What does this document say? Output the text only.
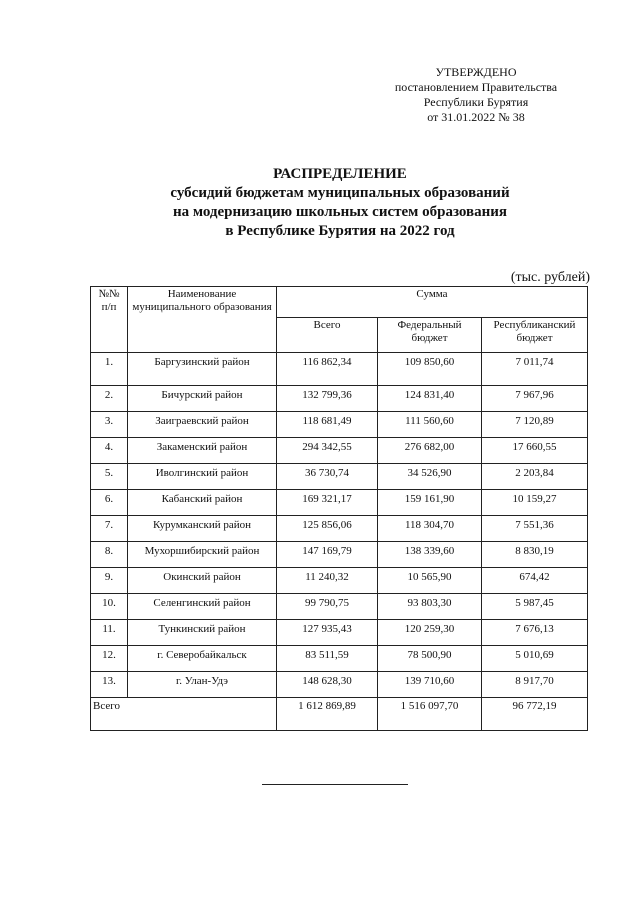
УТВЕРЖДЕНО
постановлением Правительства
Республики Бурятия
от 31.01.2022 № 38
РАСПРЕДЕЛЕНИЕ
субсидий бюджетам муниципальных образований
на модернизацию школьных систем образования
в Республике Бурятия на 2022 год
(тыс. рублей)
№№ п/п	Наименование муниципального образования	Сумма		
		Всего	Федеральный бюджет	Республиканский бюджет
1.	Баргузинский район	116 862,34	109 850,60	7 011,74
2.	Бичурский район	132 799,36	124 831,40	7 967,96
3.	Заиграевский район	118 681,49	111 560,60	7 120,89
4.	Закаменский район	294 342,55	276 682,00	17 660,55
5.	Иволгинский район	36 730,74	34 526,90	2 203,84
6.	Кабанский район	169 321,17	159 161,90	10 159,27
7.	Курумканский район	125 856,06	118 304,70	7 551,36
8.	Мухоршибирский район	147 169,79	138 339,60	8 830,19
9.	Окинский район	11 240,32	10 565,90	674,42
10.	Селенгинский район	99 790,75	93 803,30	5 987,45
11.	Тункинский район	127 935,43	120 259,30	7 676,13
12.	г. Северобайкальск	83 511,59	78 500,90	5 010,69
13.	г. Улан-Удэ	148 628,30	139 710,60	8 917,70
Всего		1 612 869,89	1 516 097,70	96 772,19
